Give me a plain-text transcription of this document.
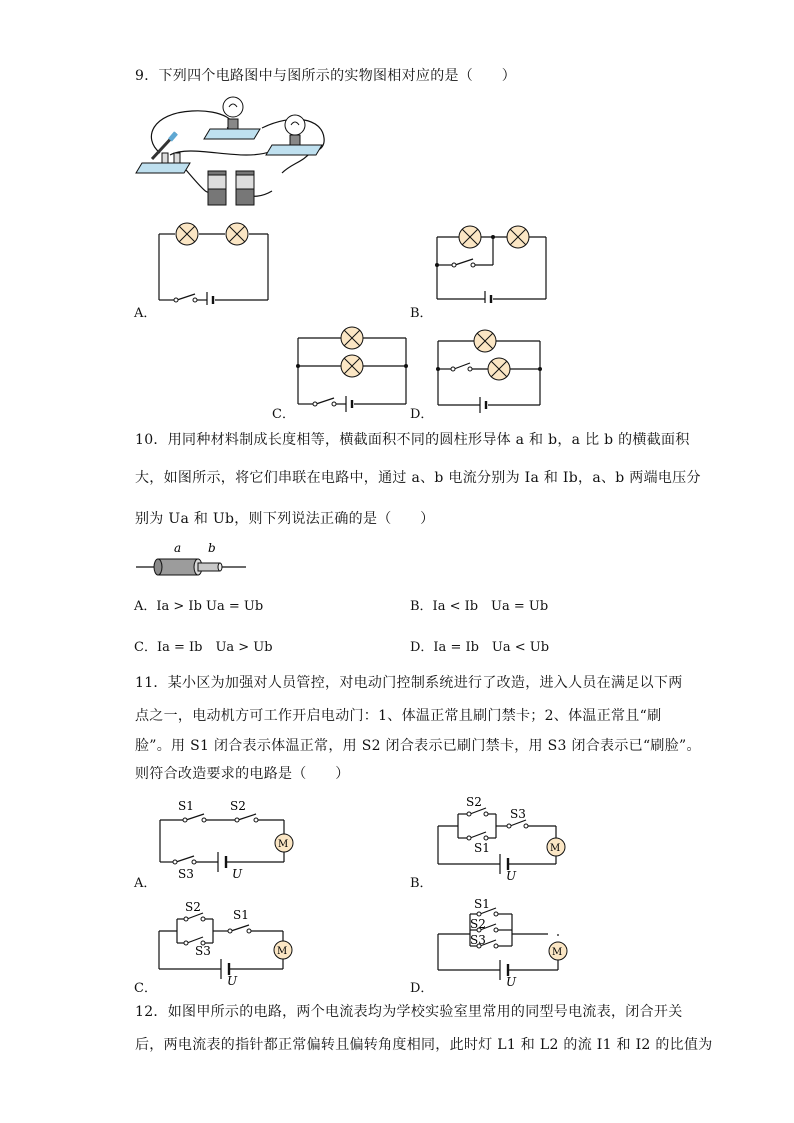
9．下列四个电路图中与图所示的实物图相对应的是（　　）
A．	B．
C．	D．
10．用同种材料制成长度相等，横截面积不同的圆柱形导体 a 和 b，a 比 b 的横截面积
大，如图所示，将它们串联在电路中，通过 a、b 电流分别为 Ia 和 Ib，a、b 两端电压分
别为 Ua 和 Ub，则下列说法正确的是（　　）
a b
A．Ia > Ib Ua = Ub	B．Ia < Ib　Ua = Ub
C．Ia = Ib　Ua > Ub	D．Ia = Ib　Ua < Ub
11．某小区为加强对人员管控，对电动门控制系统进行了改造，进入人员在满足以下两
点之一，电动机方可工作开启电动门：1、体温正常且刷门禁卡；2、体温正常且“刷
脸”。用 S1 闭合表示体温正常，用 S2 闭合表示已刷门禁卡，用 S3 闭合表示已“刷脸”。
则符合改造要求的电路是（　　）
A．
M
S1	S2
S3	U
B．
M
S2
S3
S1
U
C．
M
S2
S1
S3
U	D．
M
S1
S2
S3
U
12．如图甲所示的电路，两个电流表均为学校实验室里常用的同型号电流表，闭合开关
后，两电流表的指针都正常偏转且偏转角度相同，此时灯 L1 和 L2 的流 I1 和 I2 的比值为
